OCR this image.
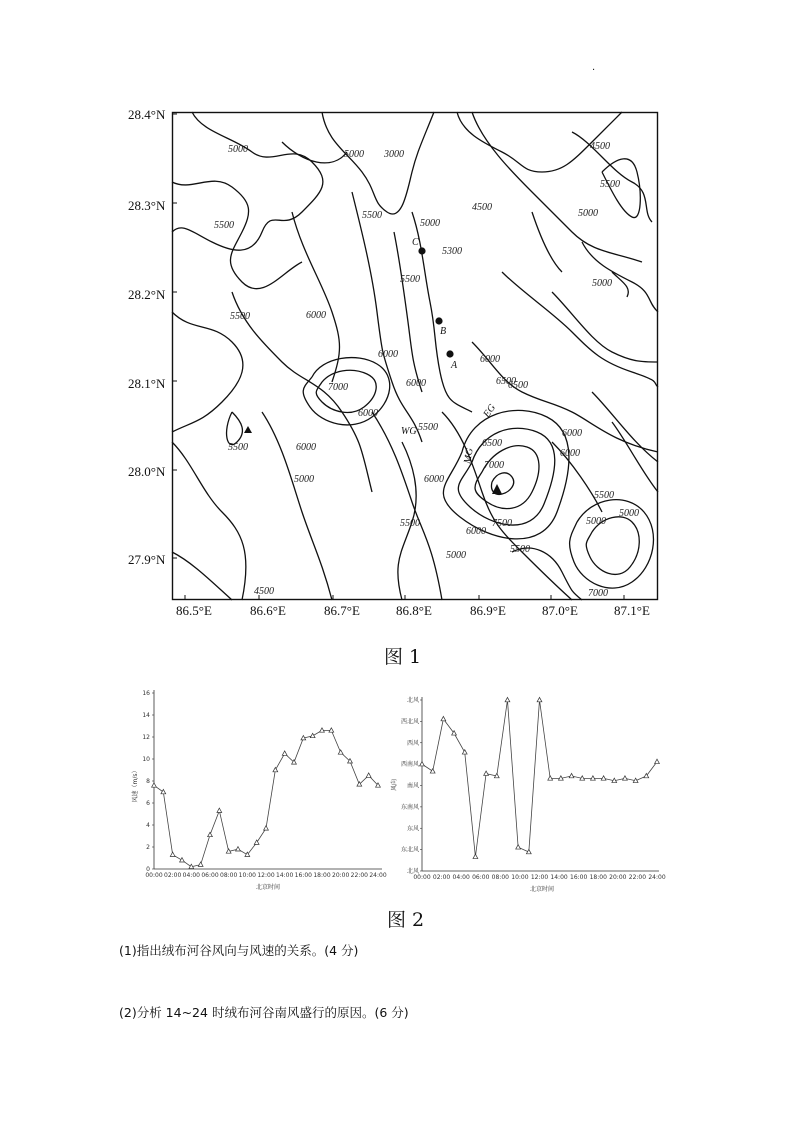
.
28.4°N
28.3°N
28.2°N
28.1°N
28.0°N
27.9°N
86.5°E	86.6°E	86.7°E	86.8°E	86.9°E	87.0°E	87.1°E
5000	5000 3000
4500
5500
4500
5500	5000
5500	5000
5300
5500	5000
5500	6000
6000
6500
6000
7000
6000
6000	6500
5500
6000
5500	6000
6000
6500
7000
6000
5000
5500
6000
7500
5500
5000
5000
5500
4500	7000
5000
C
B
A
WG
MG
EG
图 1
16
14
12
10
8
6
4
2
0
00:00 02:00 04:00 06:00 08:00 10:00 12:00 14:00 16:00 18:00 20:00 22:00 24:00
风速（m/s）
北京时间
北风
西北风
西风
西南风
南风
东南风
东风
东北风
北风
00:00 02:00 04:00 06:00 08:00 10:00 12:00 14:00 16:00 18:00 20:00 22:00 24:00
风向
北京时间
图 2
(1)指出绒布河谷风向与风速的关系。(4 分)
(2)分析 14~24 时绒布河谷南风盛行的原因。(6 分)
